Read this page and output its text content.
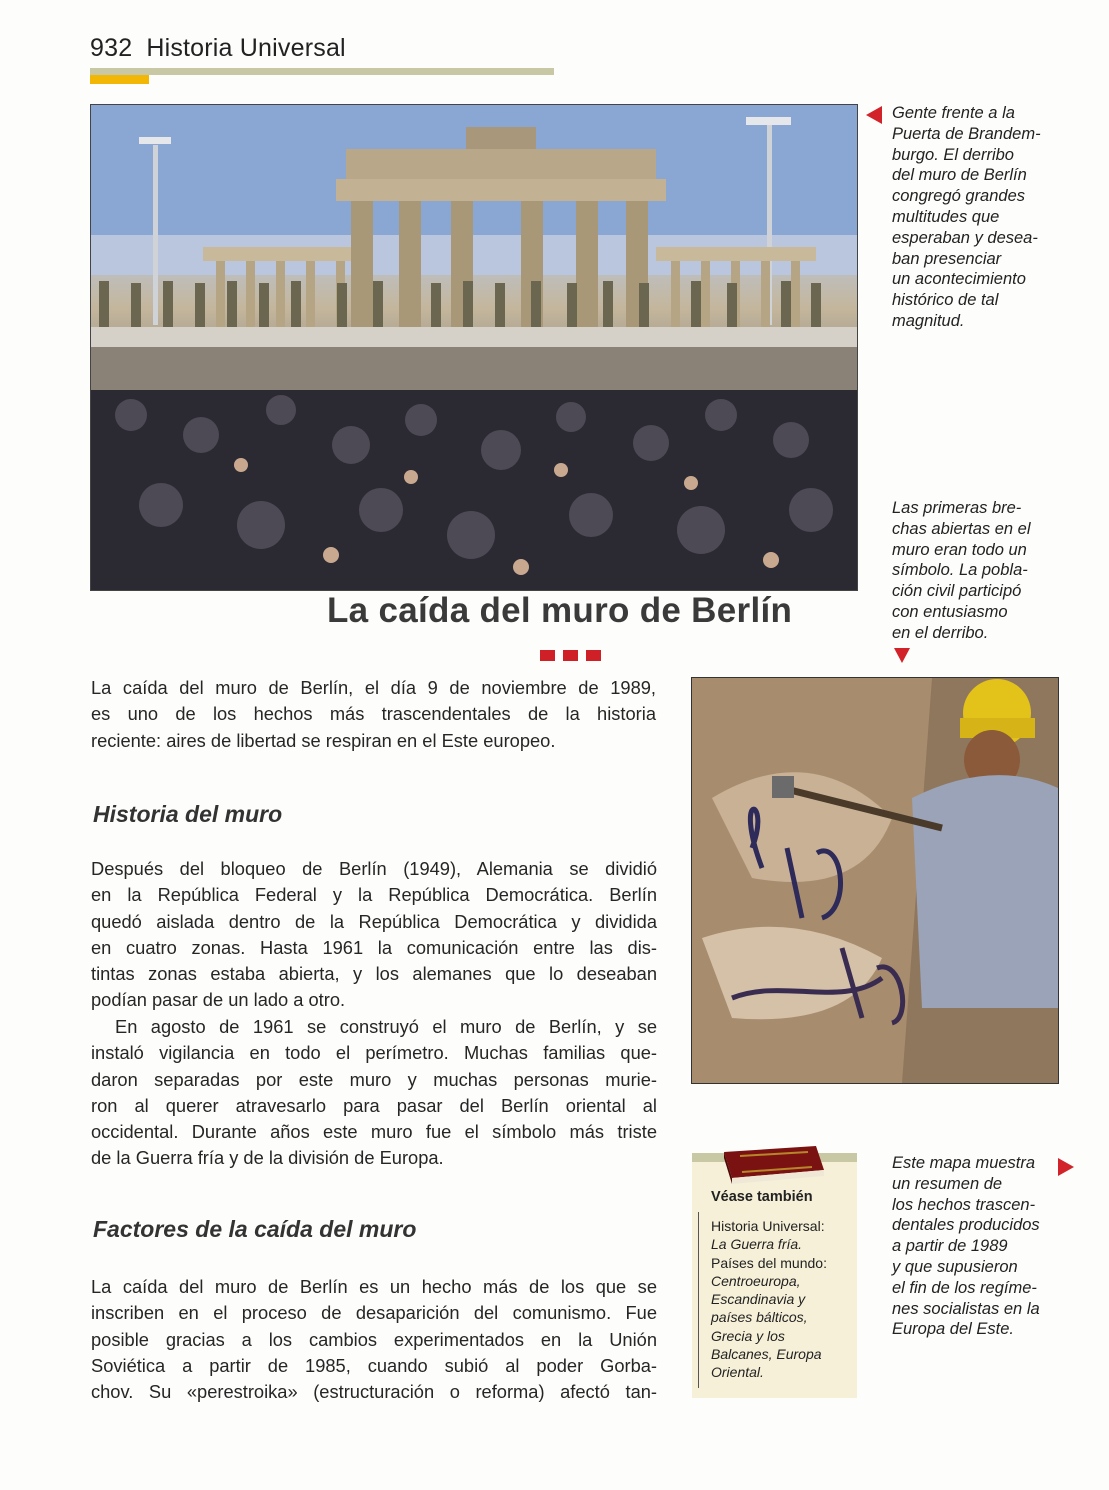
932 Historia Universal
Gente frente a la
Puerta de Brandem-
burgo. El derribo
del muro de Berlín
congregó grandes
multitudes que
esperaban y desea-
ban presenciar
un acontecimiento
histórico de tal
magnitud.
Las primeras bre-
chas abiertas en el
muro eran todo un
símbolo. La pobla-
ción civil participó
con entusiasmo
en el derribo.
La caída del muro de Berlín
La caída del muro de Berlín, el día 9 de noviembre de 1989,
es uno de los hechos más trascendentales de la historia
reciente: aires de libertad se respiran en el Este europeo.
Historia del muro
Después del bloqueo de Berlín (1949), Alemania se dividió
en la República Federal y la República Democrática. Berlín
quedó aislada dentro de la República Democrática y dividida
en cuatro zonas. Hasta 1961 la comunicación entre las dis-
tintas zonas estaba abierta, y los alemanes que lo deseaban
podían pasar de un lado a otro.
En agosto de 1961 se construyó el muro de Berlín, y se
instaló vigilancia en todo el perímetro. Muchas familias que-
daron separadas por este muro y muchas personas murie-
ron al querer atravesarlo para pasar del Berlín oriental al
occidental. Durante años este muro fue el símbolo más triste
de la Guerra fría y de la división de Europa.
Factores de la caída del muro
La caída del muro de Berlín es un hecho más de los que se
inscriben en el proceso de desaparición del comunismo. Fue
posible gracias a los cambios experimentados en la Unión
Soviética a partir de 1985, cuando subió al poder Gorba-
chov. Su «perestroika» (estructuración o reforma) afectó tan-
Véase también
Historia Universal:
La Guerra fría.
Países del mundo:
Centroeuropa,
Escandinavia y
países bálticos,
Grecia y los
Balcanes, Europa
Oriental.
Este mapa muestra
un resumen de
los hechos trascen-
dentales producidos
a partir de 1989
y que supusieron
el fin de los regíme-
nes socialistas en la
Europa del Este.
